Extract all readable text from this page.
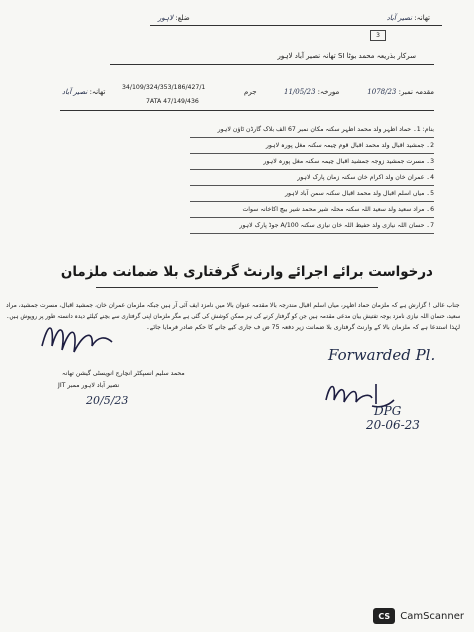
تھانہ: نصیر آباد
ضلع: لاہور
3
سرکار بذریعہ محمد بوٹا SI تھانہ نصیر آباد لاہور
مقدمہ نمبر: 1078/23
مورخہ: 11/05/23
34/109/324/353/186/427/1
جرم
7ATA 47/149/436
تھانہ: نصیر آباد
بنام: 1۔ حماد اظہر ولد محمد اظہر سکنہ مکان نمبر 67 الف بلاک گارڈن ٹاؤن لاہور
2۔ جمشید اقبال ولد محمد اقبال قوم چیمہ سکنہ مغل پورہ لاہور
3۔ مسرت جمشید زوجہ جمشید اقبال چیمہ سکنہ مغل پورہ لاہور
4۔ عمران خان ولد اکرام خان سکنہ زمان پارک لاہور
5۔ میاں اسلم اقبال ولد محمد اقبال سکنہ سمن آباد لاہور
6۔ مراد سعید ولد سعید اللہ سکنہ محلہ شیر محمد شیر بیچ اکاخانہ سوات
7۔ حسان اللہ نیازی ولد حفیظ اللہ خان نیازی سکنہ 100/A جوڈ پارک لاہور
درخواست برائے اجرائے وارنٹ گرفتاری بلا ضمانت ملزمان
جناب عالی ! گزارش ہے کہ ملزمان حماد اظہر، میاں اسلم اقبال مندرجہ بالا مقدمہ عنوان بالا میں نامزد ایف آئی آر ہیں جبکہ ملزمان عمران خان، جمشید اقبال، مسرت جمشید، مراد
سعید، حسان اللہ نیازی نامزد بوجہ تفتیش بیان مدعی مقدمہ ہیں جن کو گرفتار کرنے کی ہر ممکن کوشش کی گئی ہے مگر ملزمان اپنی گرفتاری سے بچنے کیلئے دیدہ دانستہ طور پر روپوش ہیں۔
لہٰذا استدعا ہے کہ ملزمان بالا کے وارنٹ گرفتاری بلا ضمانت زیر دفعہ 75 ض ف جاری کیے جانے کا حکم صادر فرمایا جائے۔
محمد سلیم انسپکٹر انچارج انویسٹی گیشن تھانہ
نصیر آباد لاہور ممبر JIT
20/5/23
Forwarded Pl.
DPG
20-06-23
CS	CamScanner
